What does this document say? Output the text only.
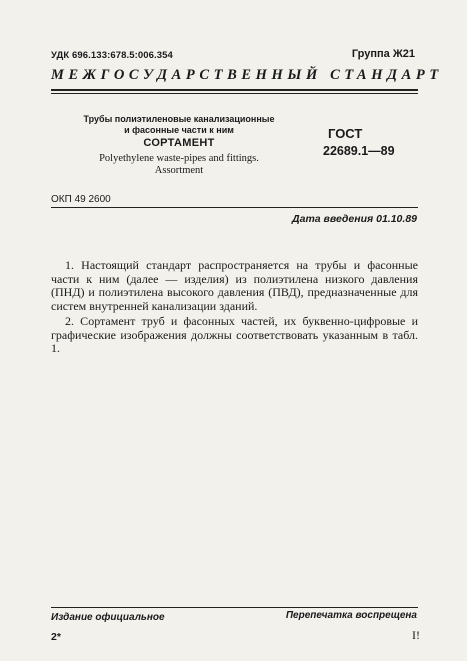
УДК 696.133:678.5:006.354	Группа Ж21
МЕЖГОСУДАРСТВЕННЫЙ СТАНДАРТ
Трубы полиэтиленовые канализационные
и фасонные части к ним
СОРТАМЕНТ
Polyethylene waste-pipes and fittings.
Assortment
ГОСТ
22689.1—89
ОКП 49 2600
Дата введения 01.10.89

1. Настоящий стандарт распространяется на трубы и фасонные части к ним (далее — изделия) из полиэтилена низкого давления (ПНД) и полиэтилена высокого давления (ПВД), предназначенные для систем внутренней канализации зданий.

2. Сортамент труб и фасонных частей, их буквенно-цифровые и графические изображения должны соответствовать указанным в табл. 1.

Издание официальное	Перепечатка воспрещена
2*	I!
